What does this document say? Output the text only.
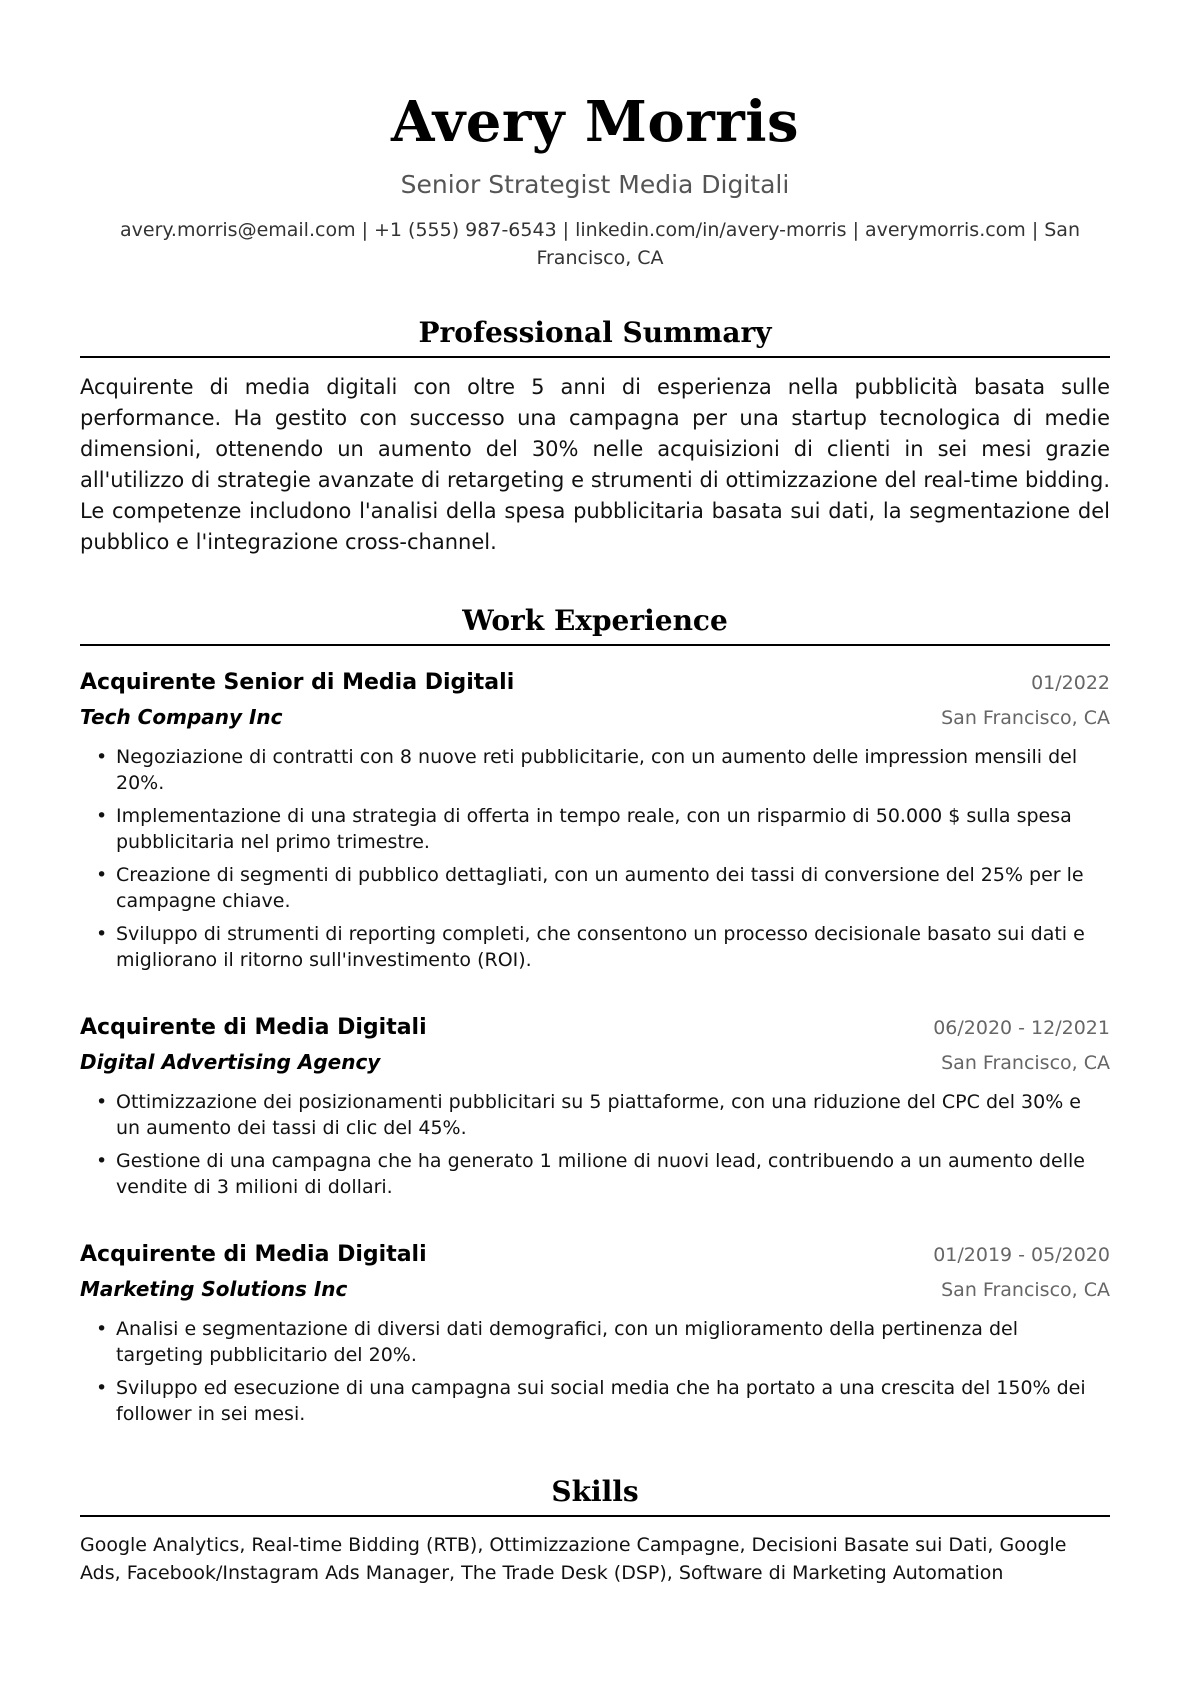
Avery Morris
Senior Strategist Media Digitali
avery.morris@email.com | +1 (555) 987-6543 | linkedin.com/in/avery-morris | averymorris.com | San Francisco, CA
Professional Summary
Acquirente di media digitali con oltre 5 anni di esperienza nella pubblicità basata sulle performance. Ha gestito con successo una campagna per una startup tecnologica di medie dimensioni, ottenendo un aumento del 30% nelle acquisizioni di clienti in sei mesi grazie all'utilizzo di strategie avanzate di retargeting e strumenti di ottimizzazione del real-time bidding. Le competenze includono l'analisi della spesa pubblicitaria basata sui dati, la segmentazione del pubblico e l'integrazione cross-channel.
Work Experience
Acquirente Senior di Media Digitali	01/2022
Tech Company Inc	San Francisco, CA
• Negoziazione di contratti con 8 nuove reti pubblicitarie, con un aumento delle impression mensili del 20%.
• Implementazione di una strategia di offerta in tempo reale, con un risparmio di 50.000 $ sulla spesa pubblicitaria nel primo trimestre.
• Creazione di segmenti di pubblico dettagliati, con un aumento dei tassi di conversione del 25% per le campagne chiave.
• Sviluppo di strumenti di reporting completi, che consentono un processo decisionale basato sui dati e migliorano il ritorno sull'investimento (ROI).
Acquirente di Media Digitali	06/2020 - 12/2021
Digital Advertising Agency	San Francisco, CA
• Ottimizzazione dei posizionamenti pubblicitari su 5 piattaforme, con una riduzione del CPC del 30% e un aumento dei tassi di clic del 45%.
• Gestione di una campagna che ha generato 1 milione di nuovi lead, contribuendo a un aumento delle vendite di 3 milioni di dollari.
Acquirente di Media Digitali	01/2019 - 05/2020
Marketing Solutions Inc	San Francisco, CA
• Analisi e segmentazione di diversi dati demografici, con un miglioramento della pertinenza del targeting pubblicitario del 20%.
• Sviluppo ed esecuzione di una campagna sui social media che ha portato a una crescita del 150% dei follower in sei mesi.
Skills
Google Analytics, Real-time Bidding (RTB), Ottimizzazione Campagne, Decisioni Basate sui Dati, Google Ads, Facebook/Instagram Ads Manager, The Trade Desk (DSP), Software di Marketing Automation
